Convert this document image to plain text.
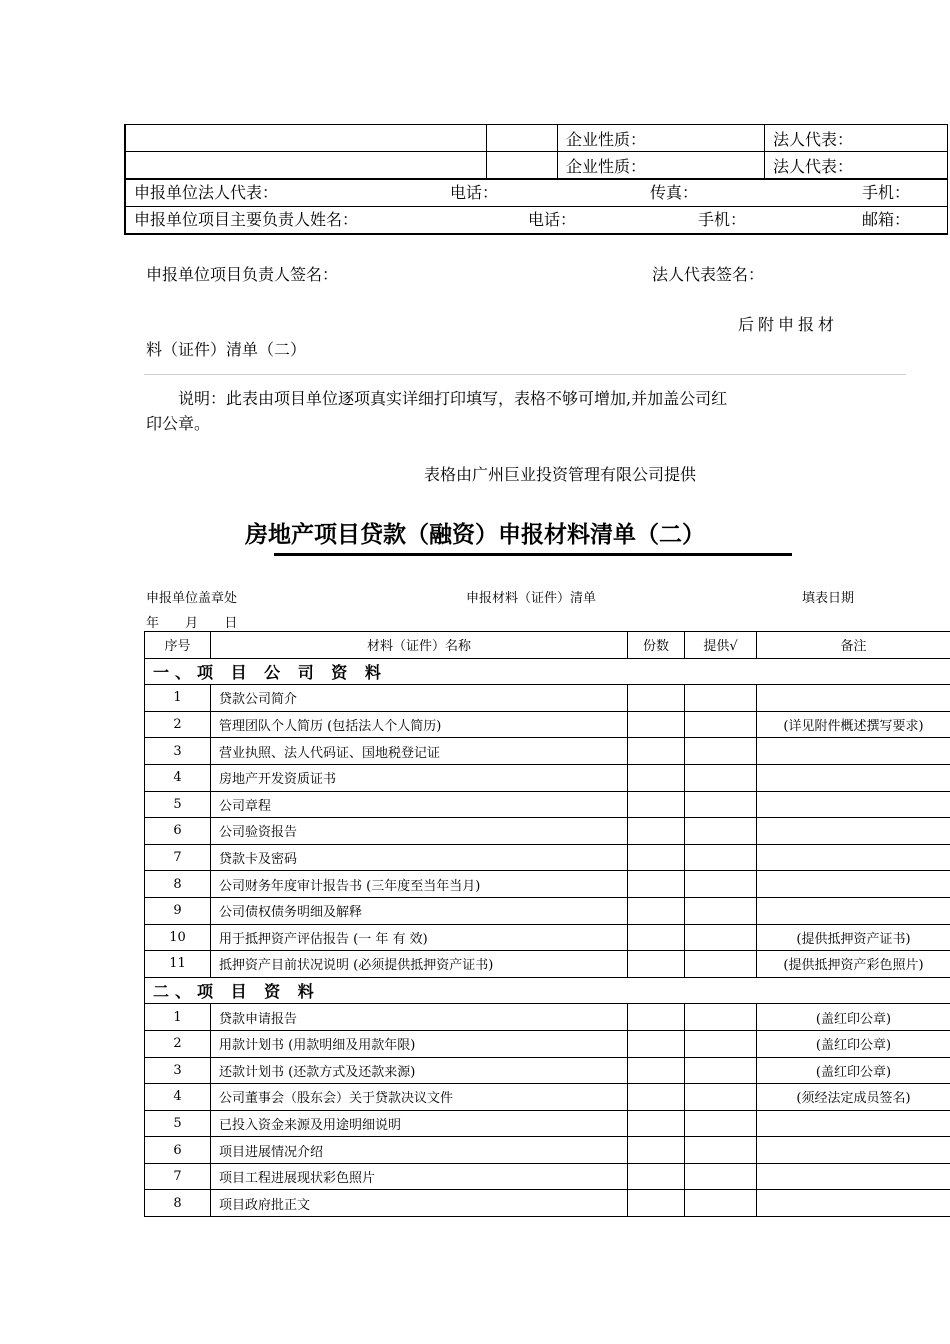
		企业性质：	法人代表：
		企业性质：	法人代表：

申报单位法人代表： 电话： 传真： 手机：			

申报单位项目主要负责人姓名： 电话： 手机： 邮箱：			
申报单位项目负责人签名：	法人代表签名：
后附申报材
料（证件）清单（二）
说明：此表由项目单位逐项真实详细打印填写，表格不够可增加,并加盖公司红
印公章。
表格由广州巨业投资管理有限公司提供
房地产项目贷款（融资）申报材料清单（二）
申报单位盖章处	申报材料（证件）清单	填表日期
年 月 日
序号	材料（证件）名称	份数	提供√	备注
一、项 目 公 司 资 料				
1	贷款公司简介			
2	管理团队个人简历 (包括法人个人简历)			(详见附件概述撰写要求)
3	营业执照、法人代码证、国地税登记证			
4	房地产开发资质证书			
5	公司章程			
6	公司验资报告			
7	贷款卡及密码			
8	公司财务年度审计报告书 (三年度至当年当月)			
9	公司债权债务明细及解释			
10	用于抵押资产评估报告 (一 年 有 效)			(提供抵押资产证书)
11	抵押资产目前状况说明 (必须提供抵押资产证书)			(提供抵押资产彩色照片)
二、项 目 资 料				
1	贷款申请报告			(盖红印公章)
2	用款计划书 (用款明细及用款年限)			(盖红印公章)
3	还款计划书 (还款方式及还款来源)			(盖红印公章)
4	公司董事会（股东会）关于贷款决议文件			(须经法定成员签名)
5	已投入资金来源及用途明细说明			
6	项目进展情况介绍			
7	项目工程进展现状彩色照片			
8	项目政府批正文			
